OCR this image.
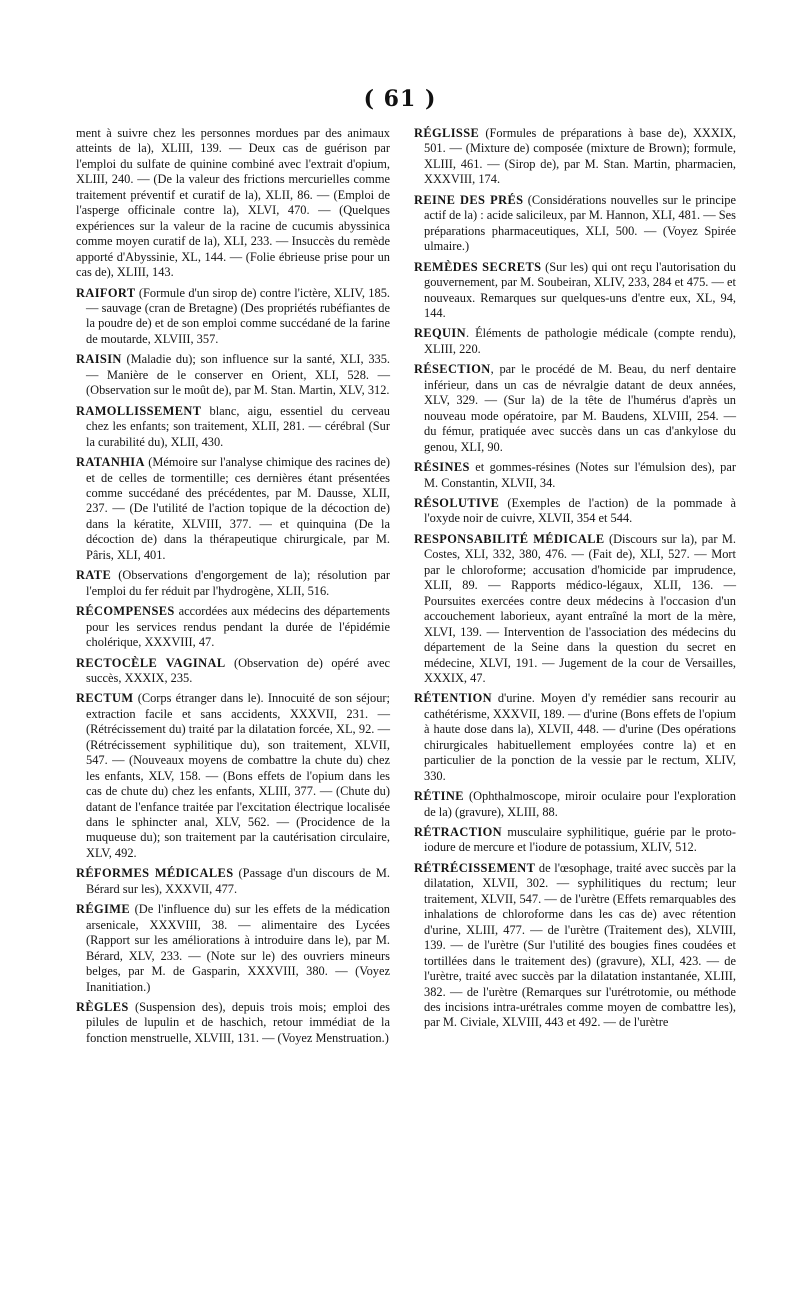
( 61 )

ment à suivre chez les personnes mordues par des animaux atteints de la), XLIII, 139. — Deux cas de guérison par l'emploi du sulfate de quinine combiné avec l'extrait d'opium, XLIII, 240. — (De la valeur des frictions mercurielles comme traitement préventif et curatif de la), XLII, 86. — (Emploi de l'asperge officinale contre la), XLVI, 470. — (Quelques expériences sur la valeur de la racine de cucumis abyssinica comme moyen curatif de la), XLI, 233. — Insuccès du remède apporté d'Abyssinie, XL, 144. — (Folie ébrieuse prise pour un cas de), XLIII, 143.

RAIFORT (Formule d'un sirop de) contre l'ictère, XLIV, 185. — sauvage (cran de Bretagne) (Des propriétés rubéfiantes de la poudre de) et de son emploi comme succédané de la farine de moutarde, XLVIII, 357.

RAISIN (Maladie du); son influence sur la santé, XLI, 335. — Manière de le conserver en Orient, XLI, 528. — (Observation sur le moût de), par M. Stan. Martin, XLV, 312.

RAMOLLISSEMENT blanc, aigu, essentiel du cerveau chez les enfants; son traitement, XLII, 281. — cérébral (Sur la curabilité du), XLII, 430.

RATANHIA (Mémoire sur l'analyse chimique des racines de) et de celles de tormentille; ces dernières étant présentées comme succédané des précédentes, par M. Dausse, XLII, 237. — (De l'utilité de l'action topique de la décoction de) dans la kératite, XLVIII, 377. — et quinquina (De la décoction de) dans la thérapeutique chirurgicale, par M. Pâris, XLI, 401.

RATE (Observations d'engorgement de la); résolution par l'emploi du fer réduit par l'hydrogène, XLII, 516.

RÉCOMPENSES accordées aux médecins des départements pour les services rendus pendant la durée de l'épidémie cholérique, XXXVIII, 47.

RECTOCÈLE VAGINAL (Observation de) opéré avec succès, XXXIX, 235.

RECTUM (Corps étranger dans le). Innocuité de son séjour; extraction facile et sans accidents, XXXVII, 231. — (Rétrécissement du) traité par la dilatation forcée, XL, 92. — (Rétrécissement syphilitique du), son traitement, XLVII, 547. — (Nouveaux moyens de combattre la chute du) chez les enfants, XLV, 158. — (Bons effets de l'opium dans les cas de chute du) chez les enfants, XLIII, 377. — (Chute du) datant de l'enfance traitée par l'excitation électrique localisée dans le sphincter anal, XLV, 562. — (Procidence de la muqueuse du); son traitement par la cautérisation circulaire, XLV, 492.

RÉFORMES MÉDICALES (Passage d'un discours de M. Bérard sur les), XXXVII, 477.

RÉGIME (De l'influence du) sur les effets de la médication arsenicale, XXXVIII, 38. — alimentaire des Lycées (Rapport sur les améliorations à introduire dans le), par M. Bérard, XLV, 233. — (Note sur le) des ouvriers mineurs belges, par M. de Gasparin, XXXVIII, 380. — (Voyez Inanitiation.)

RÈGLES (Suspension des), depuis trois mois; emploi des pilules de lupulin et de haschich, retour immédiat de la fonction menstruelle, XLVIII, 131. — (Voyez Menstruation.)

RÉGLISSE (Formules de préparations à base de), XXXIX, 501. — (Mixture de) composée (mixture de Brown); formule, XLIII, 461. — (Sirop de), par M. Stan. Martin, pharmacien, XXXVIII, 174.

REINE DES PRÉS (Considérations nouvelles sur le principe actif de la) : acide salicileux, par M. Hannon, XLI, 481. — Ses préparations pharmaceutiques, XLI, 500. — (Voyez Spirée ulmaire.)

REMÈDES SECRETS (Sur les) qui ont reçu l'autorisation du gouvernement, par M. Soubeiran, XLIV, 233, 284 et 475. — et nouveaux. Remarques sur quelques-uns d'entre eux, XL, 94, 144.

REQUIN. Éléments de pathologie médicale (compte rendu), XLIII, 220.

RÉSECTION, par le procédé de M. Beau, du nerf dentaire inférieur, dans un cas de névralgie datant de deux années, XLV, 329. — (Sur la) de la tête de l'humérus d'après un nouveau mode opératoire, par M. Baudens, XLVIII, 254. — du fémur, pratiquée avec succès dans un cas d'ankylose du genou, XLI, 90.

RÉSINES et gommes-résines (Notes sur l'émulsion des), par M. Constantin, XLVII, 34.

RÉSOLUTIVE (Exemples de l'action) de la pommade à l'oxyde noir de cuivre, XLVII, 354 et 544.

RESPONSABILITÉ MÉDICALE (Discours sur la), par M. Costes, XLI, 332, 380, 476. — (Fait de), XLI, 527. — Mort par le chloroforme; accusation d'homicide par imprudence, XLII, 89. — Rapports médico-légaux, XLII, 136. — Poursuites exercées contre deux médecins à l'occasion d'un accouchement laborieux, ayant entraîné la mort de la mère, XLVI, 139. — Intervention de l'association des médecins du département de la Seine dans la question du secret en médecine, XLVI, 191. — Jugement de la cour de Versailles, XXXIX, 47.

RÉTENTION d'urine. Moyen d'y remédier sans recourir au cathétérisme, XXXVII, 189. — d'urine (Bons effets de l'opium à haute dose dans la), XLVII, 448. — d'urine (Des opérations chirurgicales habituellement employées contre la) et en particulier de la ponction de la vessie par le rectum, XLIV, 330.

RÉTINE (Ophthalmoscope, miroir oculaire pour l'exploration de la) (gravure), XLIII, 88.

RÉTRACTION musculaire syphilitique, guérie par le proto-iodure de mercure et l'iodure de potassium, XLIV, 512.

RÉTRÉCISSEMENT de l'œsophage, traité avec succès par la dilatation, XLVII, 302. — syphilitiques du rectum; leur traitement, XLVII, 547. — de l'urètre (Effets remarquables des inhalations de chloroforme dans les cas de) avec rétention d'urine, XLIII, 477. — de l'urètre (Traitement des), XLVIII, 139. — de l'urètre (Sur l'utilité des bougies fines coudées et tortillées dans le traitement des) (gravure), XLI, 423. — de l'urètre, traité avec succès par la dilatation instantanée, XLIII, 382. — de l'urètre (Remarques sur l'urétrotomie, ou méthode des incisions intra-urétrales comme moyen de combattre les), par M. Civiale, XLVIII, 443 et 492. — de l'urètre
